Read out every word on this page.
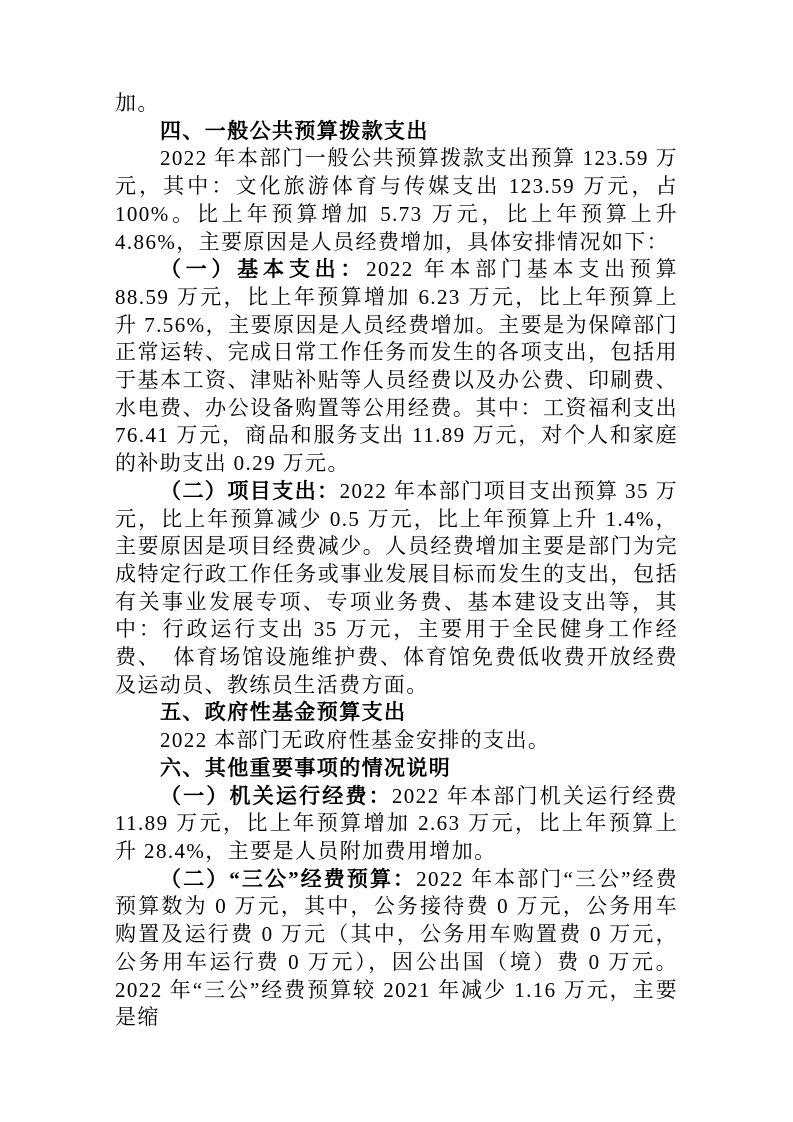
加。

四、一般公共预算拨款支出

2022 年本部门一般公共预算拨款支出预算 123.59 万元，其中：文化旅游体育与传媒支出 123.59 万元，占 100%。比上年预算增加 5.73 万元，比上年预算上升 4.86%，主要原因是人员经费增加，具体安排情况如下：

（一）基本支出：2022 年本部门基本支出预算 88.59 万元，比上年预算增加 6.23 万元，比上年预算上升 7.56%，主要原因是人员经费增加。主要是为保障部门正常运转、完成日常工作任务而发生的各项支出，包括用于基本工资、津贴补贴等人员经费以及办公费、印刷费、水电费、办公设备购置等公用经费。其中：工资福利支出 76.41 万元，商品和服务支出 11.89 万元，对个人和家庭的补助支出 0.29 万元。

（二）项目支出：2022 年本部门项目支出预算 35 万元，比上年预算减少 0.5 万元，比上年预算上升 1.4%，主要原因是项目经费减少。人员经费增加主要是部门为完成特定行政工作任务或事业发展目标而发生的支出，包括有关事业发展专项、专项业务费、基本建设支出等，其中：行政运行支出 35 万元，主要用于全民健身工作经费、　体育场馆设施维护费、体育馆免费低收费开放经费及运动员、教练员生活费方面。

五、政府性基金预算支出

2022 本部门无政府性基金安排的支出。

六、其他重要事项的情况说明

（一）机关运行经费：2022 年本部门机关运行经费 11.89 万元，比上年预算增加 2.63 万元，比上年预算上升 28.4%，主要是人员附加费用增加。

（二）“三公”经费预算：2022 年本部门“三公”经费预算数为 0 万元，其中，公务接待费 0 万元，公务用车购置及运行费 0 万元（其中，公务用车购置费 0 万元，公务用车运行费 0 万元），因公出国（境）费 0 万元。2022 年“三公”经费预算较 2021 年减少 1.16 万元，主要是缩
